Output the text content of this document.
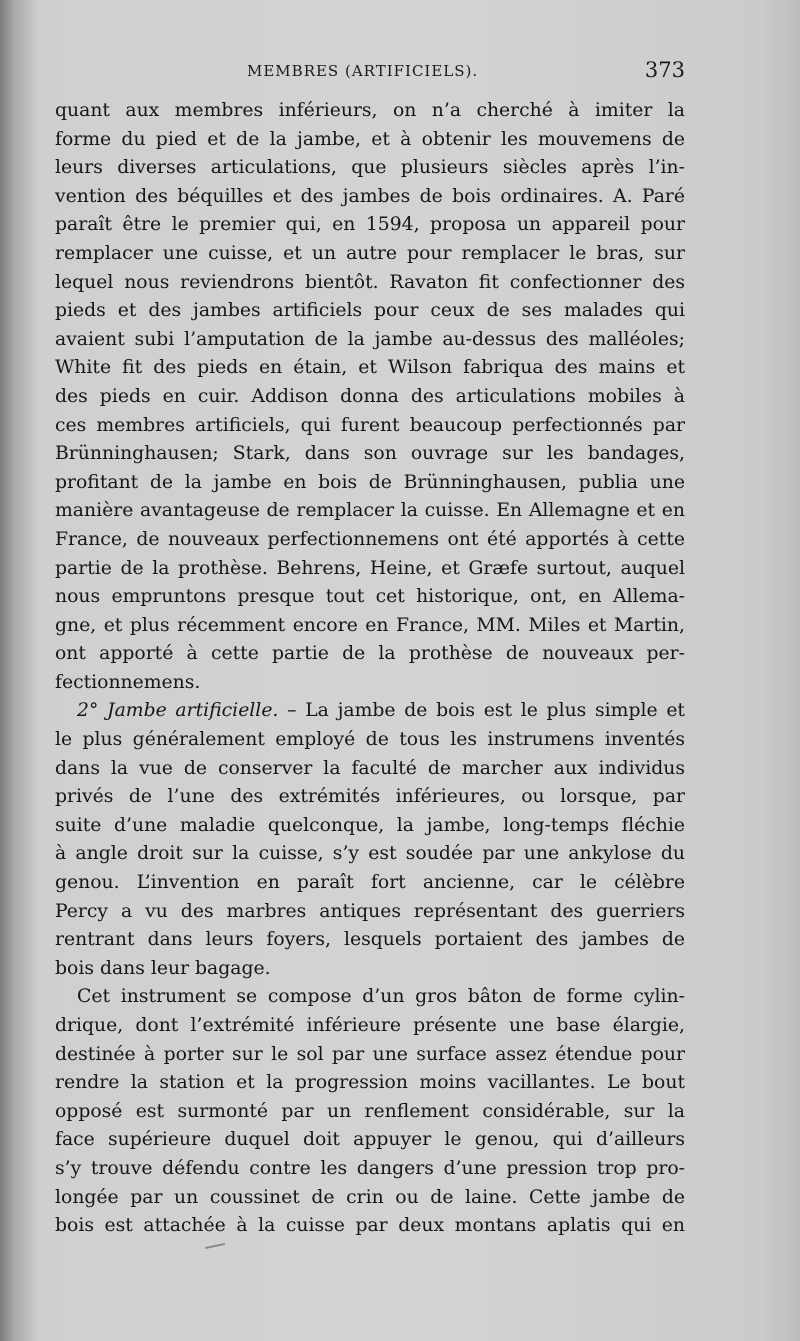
MEMBRES (ARTIFICIELS).	373
quant aux membres inférieurs, on n’a cherché à imiter la
forme du pied et de la jambe, et à obtenir les mouvemens de
leurs diverses articulations, que plusieurs siècles après l’in-
vention des béquilles et des jambes de bois ordinaires. A. Paré
paraît être le premier qui, en 1594, proposa un appareil pour
remplacer une cuisse, et un autre pour remplacer le bras, sur
lequel nous reviendrons bientôt. Ravaton fit confectionner des
pieds et des jambes artificiels pour ceux de ses malades qui
avaient subi l’amputation de la jambe au-dessus des malléoles;
White fit des pieds en étain, et Wilson fabriqua des mains et
des pieds en cuir. Addison donna des articulations mobiles à
ces membres artificiels, qui furent beaucoup perfectionnés par
Brünninghausen; Stark, dans son ouvrage sur les bandages,
profitant de la jambe en bois de Brünninghausen, publia une
manière avantageuse de remplacer la cuisse. En Allemagne et en
France, de nouveaux perfectionnemens ont été apportés à cette
partie de la prothèse. Behrens, Heine, et Græfe surtout, auquel
nous empruntons presque tout cet historique, ont, en Allema-
gne, et plus récemment encore en France, MM. Miles et Martin,
ont apporté à cette partie de la prothèse de nouveaux per-
fectionnemens.
2° Jambe artificielle. – La jambe de bois est le plus simple et
le plus généralement employé de tous les instrumens inventés
dans la vue de conserver la faculté de marcher aux individus
privés de l’une des extrémités inférieures, ou lorsque, par
suite d’une maladie quelconque, la jambe, long-temps fléchie
à angle droit sur la cuisse, s’y est soudée par une ankylose du
genou. L’invention en paraît fort ancienne, car le célèbre
Percy a vu des marbres antiques représentant des guerriers
rentrant dans leurs foyers, lesquels portaient des jambes de
bois dans leur bagage.
Cet instrument se compose d’un gros bâton de forme cylin-
drique, dont l’extrémité inférieure présente une base élargie,
destinée à porter sur le sol par une surface assez étendue pour
rendre la station et la progression moins vacillantes. Le bout
opposé est surmonté par un renflement considérable, sur la
face supérieure duquel doit appuyer le genou, qui d’ailleurs
s’y trouve défendu contre les dangers d’une pression trop pro-
longée par un coussinet de crin ou de laine. Cette jambe de
bois est attachée à la cuisse par deux montans aplatis qui en
